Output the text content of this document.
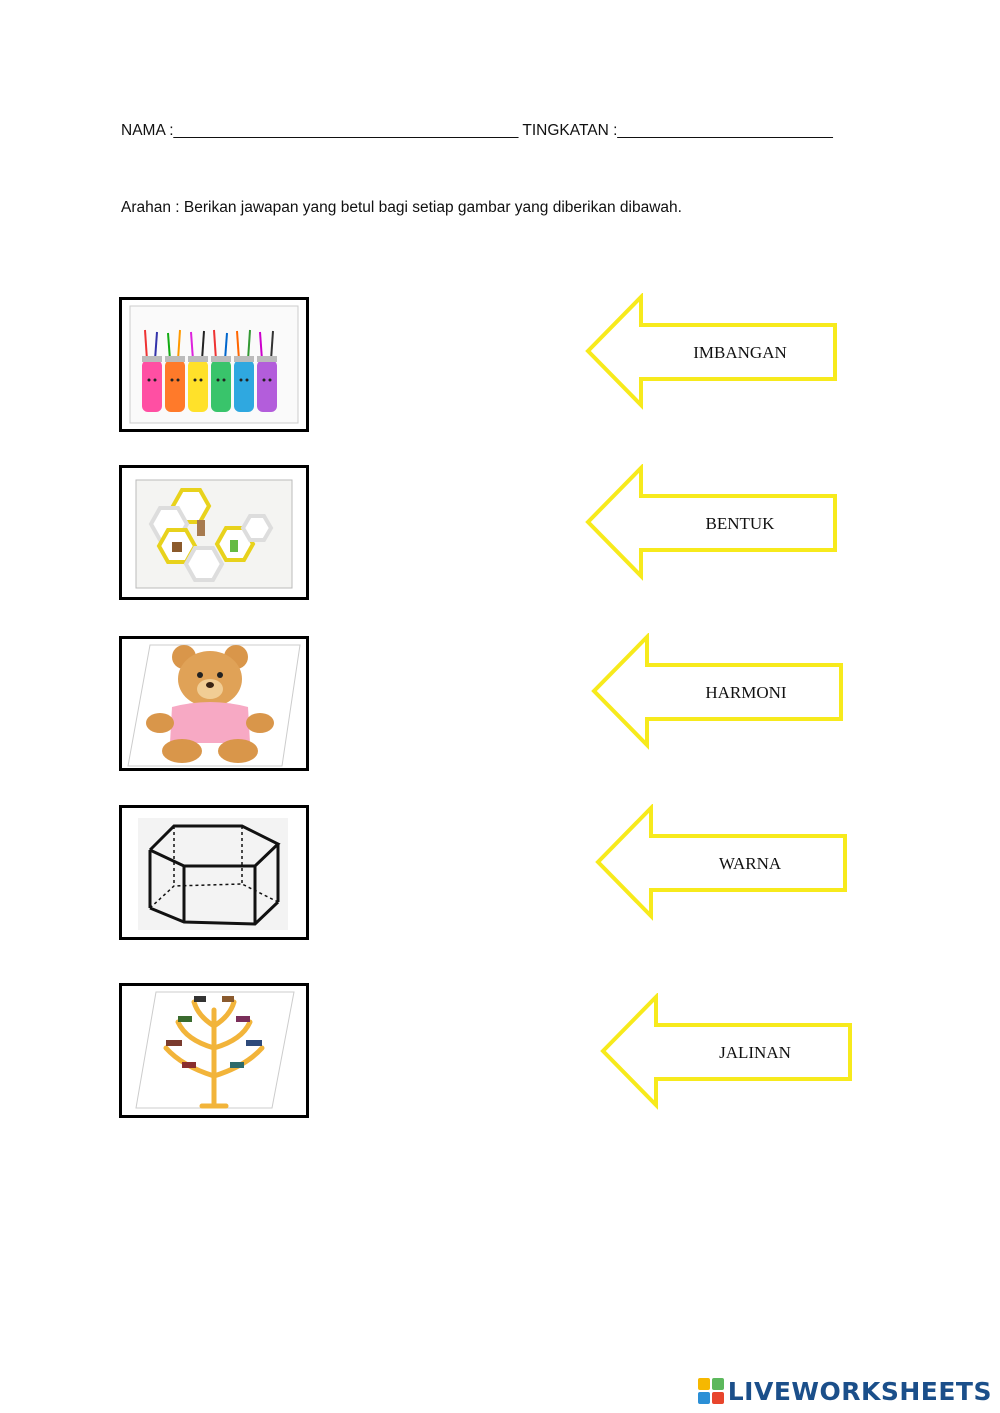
NAMA :________________________________________ TINGKATAN :_________________________
Arahan : Berikan jawapan yang betul bagi setiap gambar yang diberikan dibawah.
IMBANGAN
BENTUK
HARMONI
WARNA
JALINAN
LIVEWORKSHEETS
